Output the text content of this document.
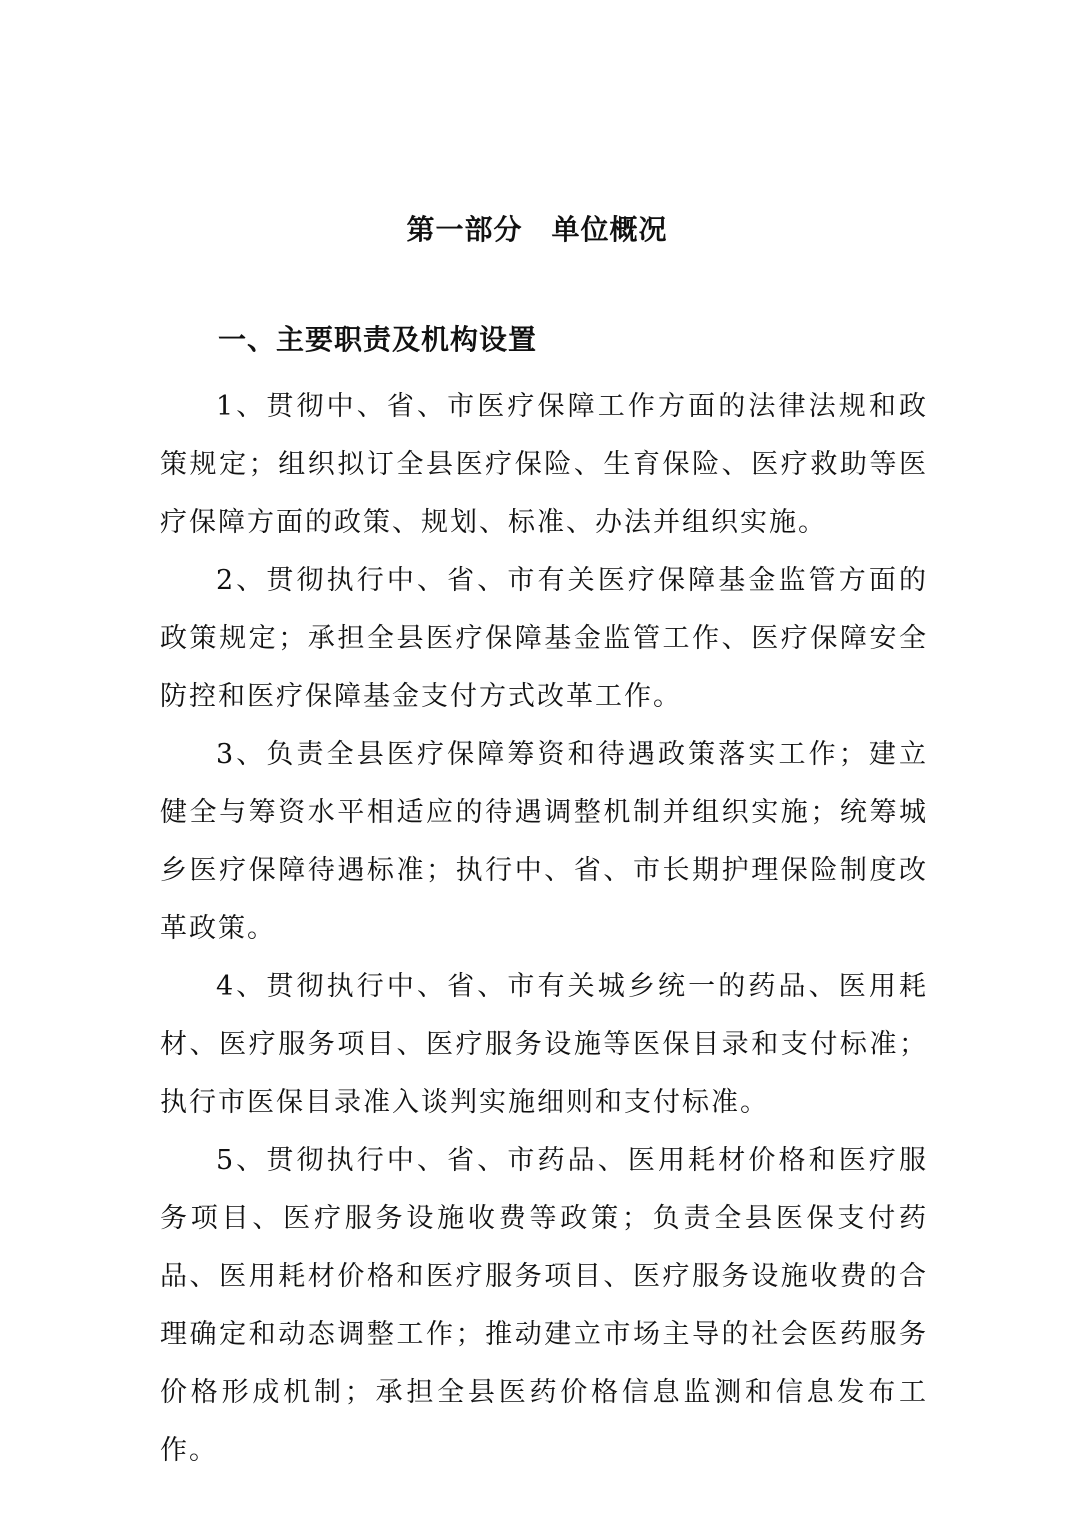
第一部分　单位概况
一、主要职责及机构设置

1、贯彻中、省、市医疗保障工作方面的法律法规和政策规定；组织拟订全县医疗保险、生育保险、医疗救助等医疗保障方面的政策、规划、标准、办法并组织实施。

2、贯彻执行中、省、市有关医疗保障基金监管方面的政策规定；承担全县医疗保障基金监管工作、医疗保障安全防控和医疗保障基金支付方式改革工作。

3、负责全县医疗保障筹资和待遇政策落实工作；建立健全与筹资水平相适应的待遇调整机制并组织实施；统筹城乡医疗保障待遇标准；执行中、省、市长期护理保险制度改革政策。

4、贯彻执行中、省、市有关城乡统一的药品、医用耗材、医疗服务项目、医疗服务设施等医保目录和支付标准；执行市医保目录准入谈判实施细则和支付标准。

5、贯彻执行中、省、市药品、医用耗材价格和医疗服务项目、医疗服务设施收费等政策；负责全县医保支付药品、医用耗材价格和医疗服务项目、医疗服务设施收费的合理确定和动态调整工作；推动建立市场主导的社会医药服务价格形成机制；承担全县医药价格信息监测和信息发布工作。
